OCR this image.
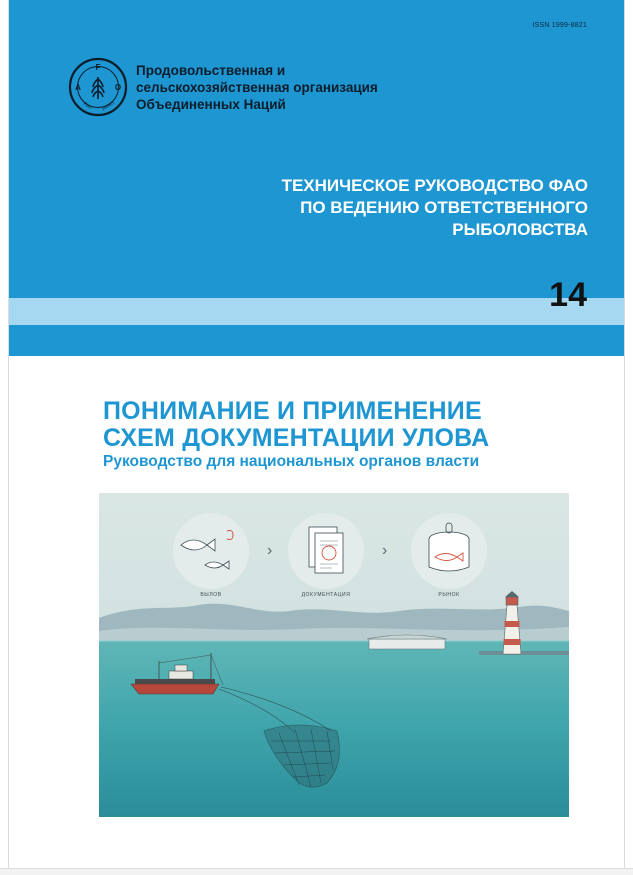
ISSN 1999-8821
F
A	O
FIAT PANIS
Продовольственная и
сельскохозяйственная организация
Объединенных Наций
ТЕХНИЧЕСКОЕ РУКОВОДСТВО ФАО
ПО ВЕДЕНИЮ ОТВЕТСТВЕННОГО
РЫБОЛОВСТВА
14
ПОНИМАНИЕ И ПРИМЕНЕНИЕ
СХЕМ ДОКУМЕНТАЦИИ УЛОВА
Руководство для национальных органов власти
›	›
ВЫЛОВ	ДОКУМЕНТАЦИЯ	РЫНОК
